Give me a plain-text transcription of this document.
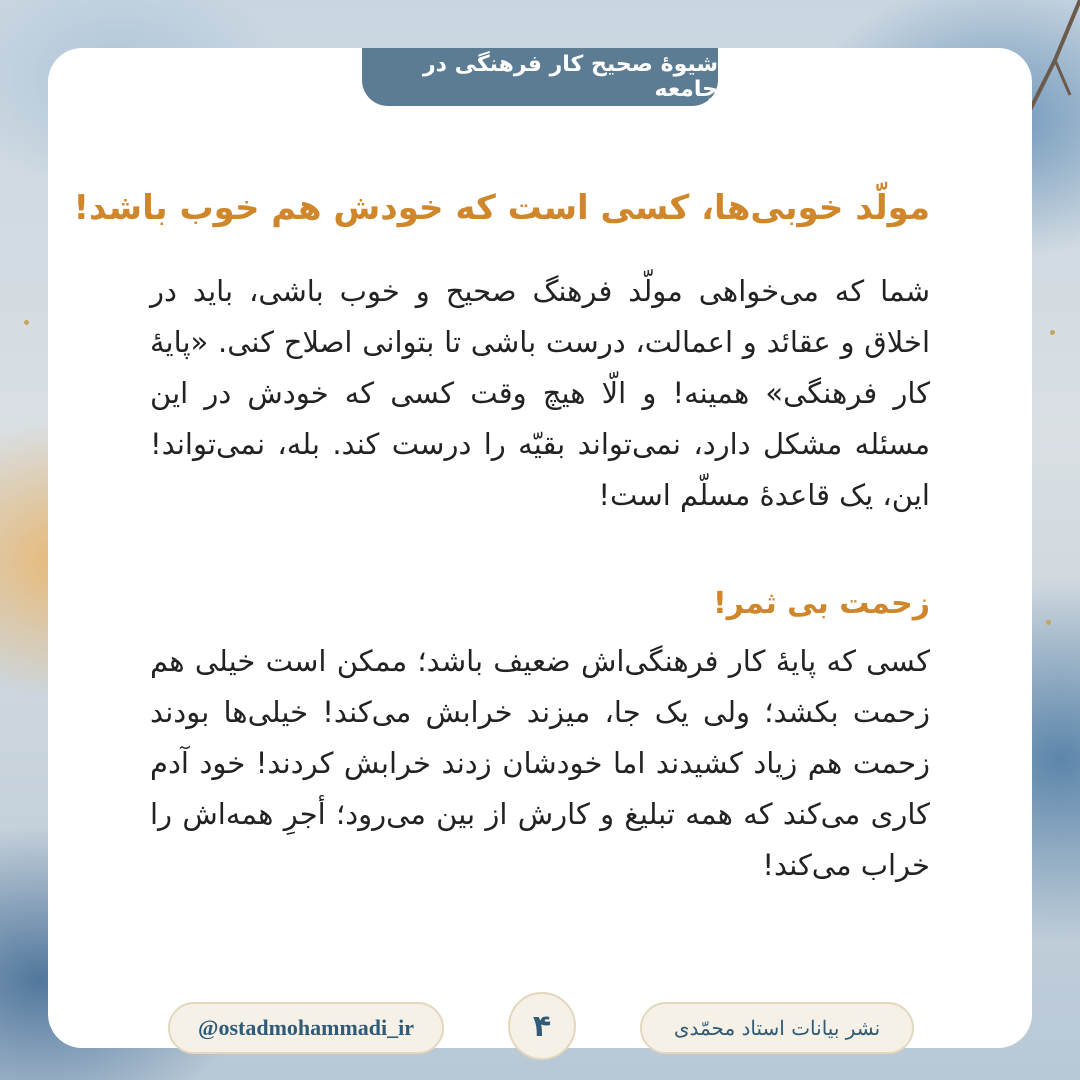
شیوهٔ صحیح کار فرهنگی در جامعه
مولّد خوبی‌ها، کسی است که خودش هم خوب باشد!
شما که می‌خواهی مولّد فرهنگ صحیح و خوب باشی، باید در اخلاق و عقائد و اعمالت، درست باشی تا بتوانی اصلاح کنی. «پایهٔ کار فرهنگی» همینه! و الّا هیچ وقت کسی که خودش در این مسئله مشکل دارد، نمی‌تواند بقیّه را درست کند. بله، نمی‌تواند! این، یک قاعدهٔ مسلّم است!
زحمت بی ثمر!
کسی که پایهٔ کار فرهنگی‌اش ضعیف باشد؛ ممکن است خیلی هم زحمت بکشد؛ ولی یک جا، میزند خرابش می‌کند! خیلی‌ها بودند زحمت هم زیاد کشیدند اما خودشان زدند خرابش کردند! خود آدم کاری می‌کند که همه تبلیغ و کارش از بین می‌رود؛ أجرِ همه‌اش را خراب می‌کند!
@ostadmohammadi_ir	۴	نشر بیانات استاد محمّدی
